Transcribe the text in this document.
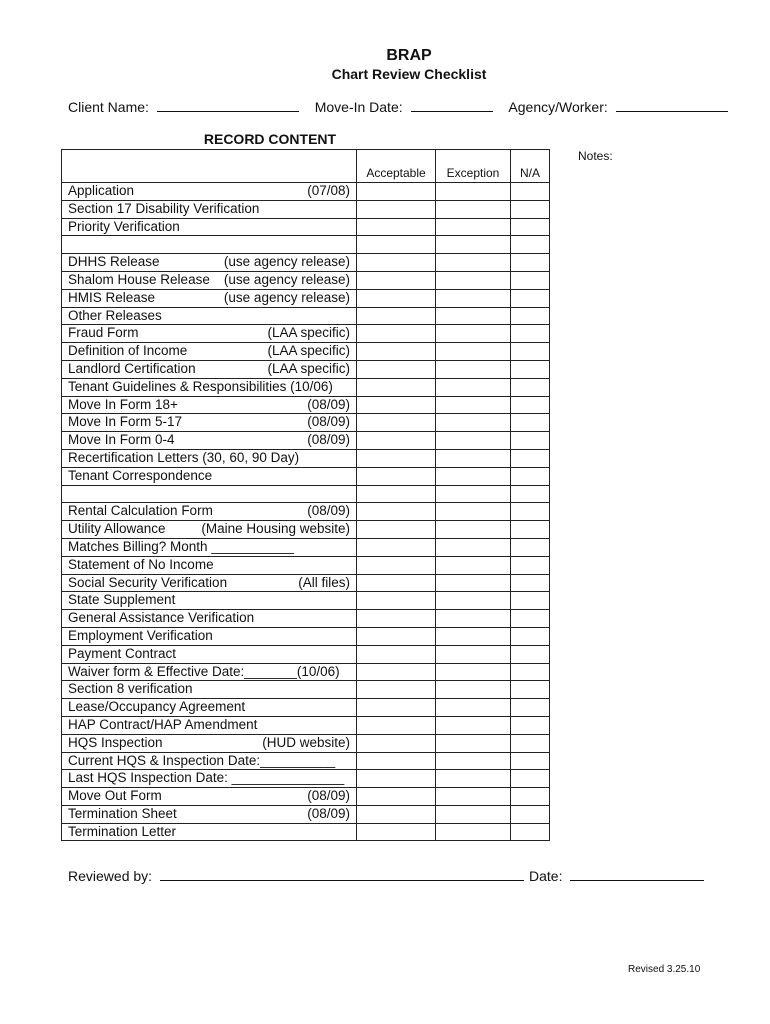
BRAP
Chart Review Checklist
Client Name:	Move-In Date:	Agency/Worker:
RECORD CONTENT
Notes:
	Acceptable	Exception	N/A

Application (07/08)			

Section 17 Disability Verification			

Priority Verification			

DHHS Release (use agency release)			

Shalom House Release (use agency release)			

HMIS Release (use agency release)			

Other Releases			

Fraud Form (LAA specific)			

Definition of Income (LAA specific)			

Landlord Certification (LAA specific)			

Tenant Guidelines & Responsibilities (10/06)			

Move In Form 18+ (08/09)			

Move In Form 5-17 (08/09)			

Move In Form 0-4 (08/09)			

Recertification Letters (30, 60, 90 Day)			

Tenant Correspondence			

Rental Calculation Form (08/09)			

Utility Allowance (Maine Housing website)			

Matches Billing? Month ___________			

Statement of No Income			

Social Security Verification (All files)			

State Supplement			

General Assistance Verification			

Employment Verification			

Payment Contract			

Waiver form & Effective Date:_______(10/06)			

Section 8 verification			

Lease/Occupancy Agreement			

HAP Contract/HAP Amendment			

HQS Inspection (HUD website)			

Current HQS & Inspection Date:__________			

Last HQS Inspection Date: _______________			

Move Out Form (08/09)			

Termination Sheet (08/09)			

Termination Letter			

Reviewed by:	Date:
Revised 3.25.10
